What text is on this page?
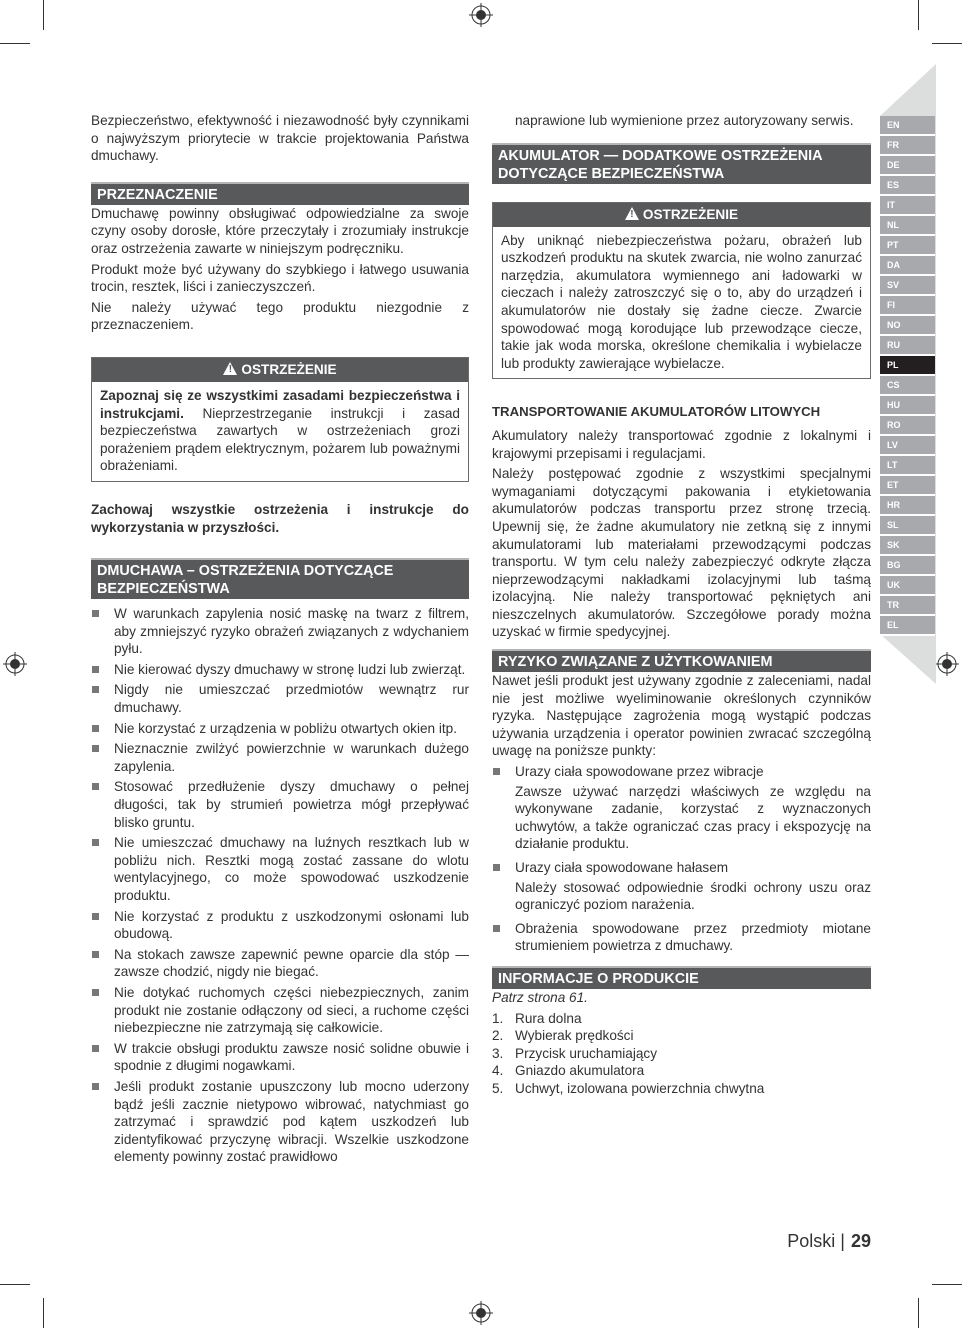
EN
FR
DE
ES
IT
NL
PT
DA
SV
FI
NO
RU
PL
CS
HU
RO
LV
LT
ET
HR
SL
SK
BG
UK
TR
EL

Bezpieczeństwo, efektywność i niezawodność były czynnikami o najwyższym priorytecie w trakcie projektowania Państwa dmuchawy.

PRZEZNACZENIE

Dmuchawę powinny obsługiwać odpowiedzialne za swoje czyny osoby dorosłe, które przeczytały i zrozumiały instrukcje oraz ostrzeżenia zawarte w niniejszym podręczniku.

Produkt może być używany do szybkiego i łatwego usuwania trocin, resztek, liści i zanieczyszczeń.

Nie należy używać tego produktu niezgodnie z przeznaczeniem.

! OSTRZEŻENIE

Zapoznaj się ze wszystkimi zasadami bezpieczeństwa i instrukcjami. Nieprzestrzeganie instrukcji i zasad bezpieczeństwa zawartych w ostrzeżeniach grozi porażeniem prądem elektrycznym, pożarem lub poważnymi obrażeniami.

Zachowaj wszystkie ostrzeżenia i instrukcje do wykorzystania w przyszłości.

DMUCHAWA – OSTRZEŻENIA DOTYCZĄCE BEZPIECZEŃSTWA
W warunkach zapylenia nosić maskę na twarz z filtrem, aby zmniejszyć ryzyko obrażeń związanych z wdychaniem pyłu.
Nie kierować dyszy dmuchawy w stronę ludzi lub zwierząt.
Nigdy nie umieszczać przedmiotów wewnątrz rur dmuchawy.
Nie korzystać z urządzenia w pobliżu otwartych okien itp.
Nieznacznie zwilżyć powierzchnie w warunkach dużego zapylenia.
Stosować przedłużenie dyszy dmuchawy o pełnej długości, tak by strumień powietrza mógł przepływać blisko gruntu.
Nie umieszczać dmuchawy na luźnych resztkach lub w pobliżu nich. Resztki mogą zostać zassane do wlotu wentylacyjnego, co może spowodować uszkodzenie produktu.
Nie korzystać z produktu z uszkodzonymi osłonami lub obudową.
Na stokach zawsze zapewnić pewne oparcie dla stóp — zawsze chodzić, nigdy nie biegać.
Nie dotykać ruchomych części niebezpiecznych, zanim produkt nie zostanie odłączony od sieci, a ruchome części niebezpieczne nie zatrzymają się całkowicie.
W trakcie obsługi produktu zawsze nosić solidne obuwie i spodnie z długimi nogawkami.
Jeśli produkt zostanie upuszczony lub mocno uderzony bądź jeśli zacznie nietypowo wibrować, natychmiast go zatrzymać i sprawdzić pod kątem uszkodzeń lub zidentyfikować przyczynę wibracji. Wszelkie uszkodzone elementy powinny zostać prawidłowo

naprawione lub wymienione przez autoryzowany serwis.

AKUMULATOR — DODATKOWE OSTRZEŻENIA DOTYCZĄCE BEZPIECZEŃSTWA
! OSTRZEŻENIE

Aby uniknąć niebezpieczeństwa pożaru, obrażeń lub uszkodzeń produktu na skutek zwarcia, nie wolno zanurzać narzędzia, akumulatora wymiennego ani ładowarki w cieczach i należy zatroszczyć się o to, aby do urządzeń i akumulatorów nie dostały się żadne ciecze. Zwarcie spowodować mogą korodujące lub przewodzące ciecze, takie jak woda morska, określone chemikalia i wybielacze lub produkty zawierające wybielacze.

TRANSPORTOWANIE AKUMULATORÓW LITOWYCH

Akumulatory należy transportować zgodnie z lokalnymi i krajowymi przepisami i regulacjami.

Należy postępować zgodnie z wszystkimi specjalnymi wymaganiami dotyczącymi pakowania i etykietowania akumulatorów podczas transportu przez stronę trzecią. Upewnij się, że żadne akumulatory nie zetkną się z innymi akumulatorami lub materiałami przewodzącymi podczas transportu. W tym celu należy zabezpieczyć odkryte złącza nieprzewodzącymi nakładkami izolacyjnymi lub taśmą izolacyjną. Nie należy transportować pękniętych ani nieszczelnych akumulatorów. Szczegółowe porady można uzyskać w firmie spedycyjnej.

RYZYKO ZWIĄZANE Z UŻYTKOWANIEM

Nawet jeśli produkt jest używany zgodnie z zaleceniami, nadal nie jest możliwe wyeliminowanie określonych czynników ryzyka. Następujące zagrożenia mogą wystąpić podczas używania urządzenia i operator powinien zwracać szczególną uwagę na poniższe punkty:

Urazy ciała spowodowane przez wibracje
Zawsze używać narzędzi właściwych ze względu na wykonywane zadanie, korzystać z wyznaczonych uchwytów, a także ograniczać czas pracy i ekspozycję na działanie produktu.
Urazy ciała spowodowane hałasem
Należy stosować odpowiednie środki ochrony uszu oraz ograniczyć poziom narażenia.
Obrażenia spowodowane przez przedmioty miotane strumieniem powietrza z dmuchawy.
INFORMACJE O PRODUKCIE

Patrz strona 61.

1. Rura dolna
2. Wybierak prędkości
3. Przycisk uruchamiający
4. Gniazdo akumulatora
5. Uchwyt, izolowana powierzchnia chwytna
Polski | 29
